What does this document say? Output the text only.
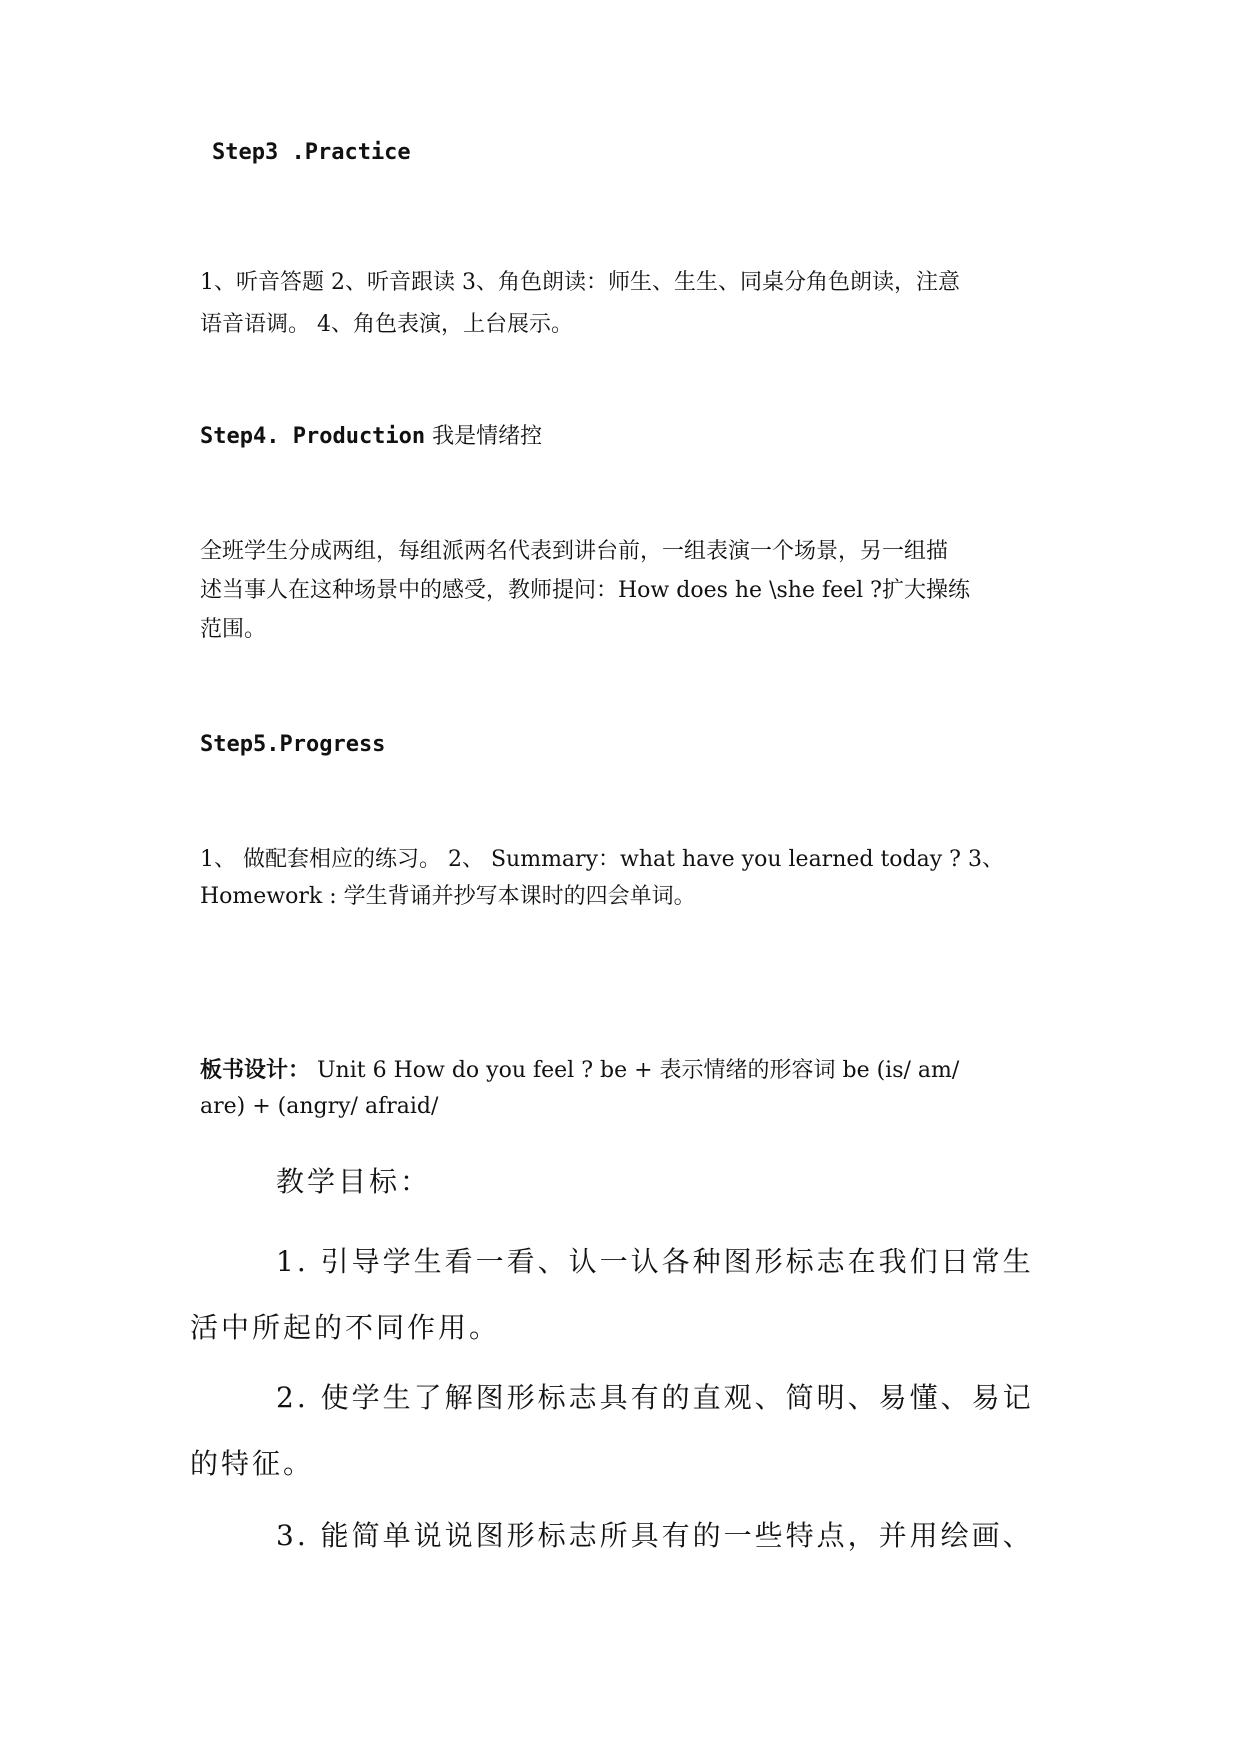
Step3 .Practice
1、听音答题 2、听音跟读 3、角色朗读：师生、生生、同桌分角色朗读，注意
语音语调。 4、角色表演，上台展示。
Step4. Production 我是情绪控
全班学生分成两组，每组派两名代表到讲台前，一组表演一个场景，另一组描
述当事人在这种场景中的感受，教师提问：How does he \she feel ?扩大操练
范围。
Step5.Progress
1、 做配套相应的练习。 2、 Summary：what have you learned today ? 3、
Homework : 学生背诵并抄写本课时的四会单词。
板书设计： Unit 6 How do you feel ? be + 表示情绪的形容词 be (is/ am/
are) + (angry/ afraid/
教学目标：
1. 引导学生看一看、认一认各种图形标志在我们日常生
活中所起的不同作用。
2. 使学生了解图形标志具有的直观、简明、易懂、易记
的特征。
3. 能简单说说图形标志所具有的一些特点，并用绘画、
